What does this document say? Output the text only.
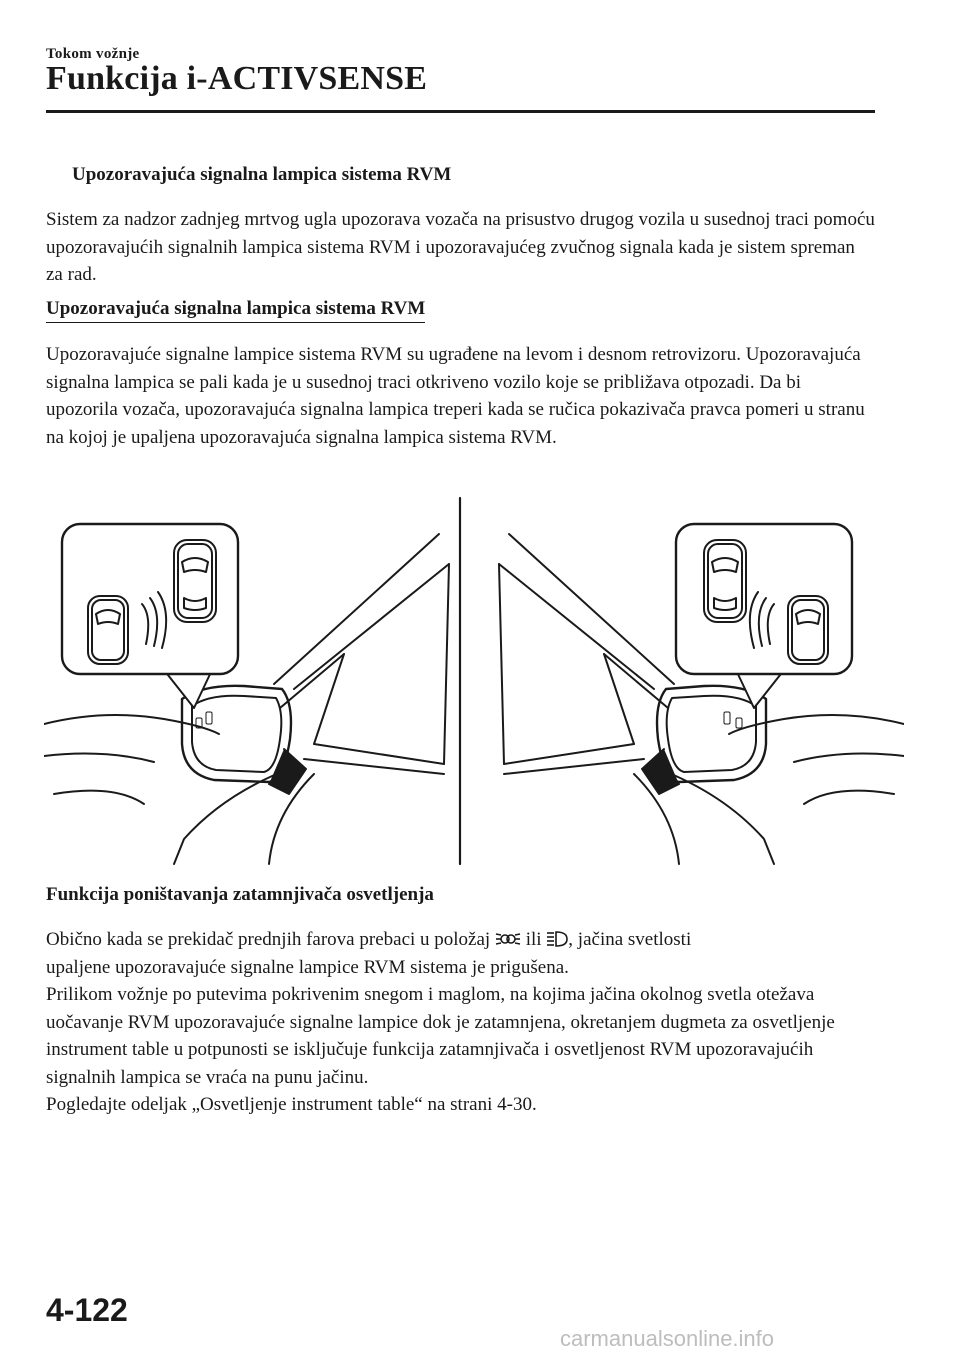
Tokom vožnje
Funkcija i-ACTIVSENSE
Upozoravajuća signalna lampica sistema RVM

Sistem za nadzor zadnjeg mrtvog ugla upozorava vozača na prisustvo drugog vozila u susednoj traci pomoću upozoravajućih signalnih lampica sistema RVM i upozoravajućeg zvučnog signala kada je sistem spreman za rad.

Upozoravajuća signalna lampica sistema RVM

Upozoravajuće signalne lampice sistema RVM su ugrađene na levom i desnom retrovizoru. Upozoravajuća signalna lampica se pali kada je u susednoj traci otkriveno vozilo koje se približava otpozadi. Da bi upozorila vozača, upozoravajuća signalna lampica treperi kada se ručica pokazivača pravca pomeri u stranu na kojoj je upaljena upozoravajuća signalna lampica sistema RVM.

Funkcija poništavanja zatamnjivača osvetljenja

Obično kada se prekidač prednjih farova prebaci u položaj  ili , jačina svetlosti

upaljene upozoravajuće signalne lampice RVM sistema je prigušena.

Prilikom vožnje po putevima pokrivenim snegom i maglom, na kojima jačina okolnog svetla otežava uočavanje RVM upozoravajuće signalne lampice dok je zatamnjena, okretanjem dugmeta za osvetljenje instrument table u potpunosti se isključuje funkcija zatamnjivača i osvetljenost RVM upozoravajućih signalnih lampica se vraća na punu jačinu.

Pogledajte odeljak „Osvetljenje instrument table“ na strani 4-30.

4-122
carmanualsonline.info
